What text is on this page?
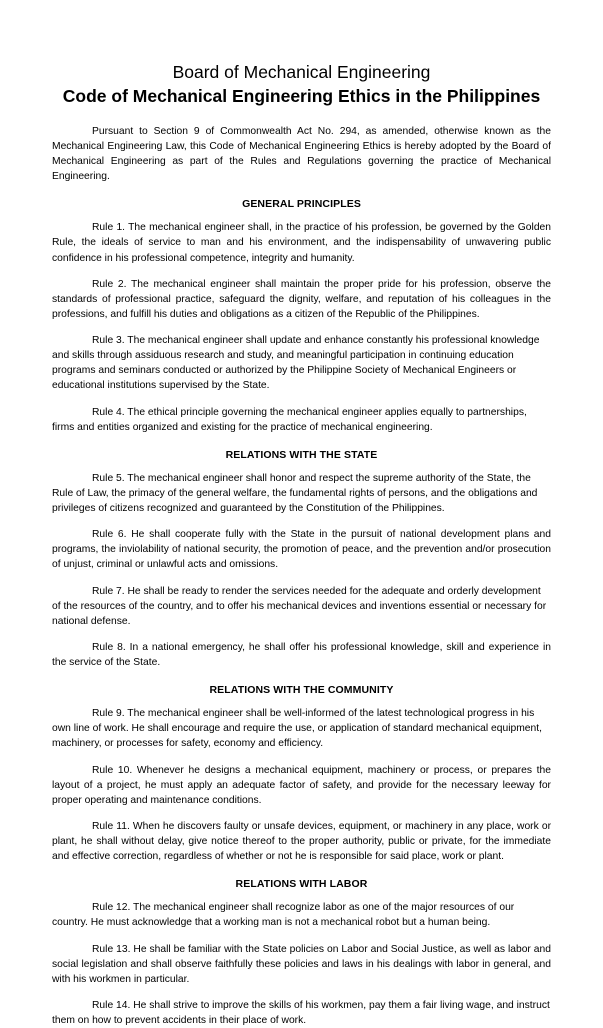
Board of Mechanical Engineering
Code of Mechanical Engineering Ethics in the Philippines

Pursuant to Section 9 of Commonwealth Act No. 294, as amended, otherwise known as the Mechanical Engineering Law, this Code of Mechanical Engineering Ethics is hereby adopted by the Board of Mechanical Engineering as part of the Rules and Regulations governing the practice of Mechanical Engineering.

GENERAL PRINCIPLES

Rule 1. The mechanical engineer shall, in the practice of his profession, be governed by the Golden Rule, the ideals of service to man and his environment, and the indispensability of unwavering public confidence in his professional competence, integrity and humanity.

Rule 2. The mechanical engineer shall maintain the proper pride for his profession, observe the standards of professional practice, safeguard the dignity, welfare, and reputation of his colleagues in the professions, and fulfill his duties and obligations as a citizen of the Republic of the Philippines.

Rule 3. The mechanical engineer shall update and enhance constantly his professional knowledge and skills through assiduous research and study, and meaningful participation in continuing education programs and seminars conducted or authorized by the Philippine Society of Mechanical Engineers or educational institutions supervised by the State.

Rule 4. The ethical principle governing the mechanical engineer applies equally to partnerships, firms and entities organized and existing for the practice of mechanical engineering.

RELATIONS WITH THE STATE

Rule 5. The mechanical engineer shall honor and respect the supreme authority of the State, the Rule of Law, the primacy of the general welfare, the fundamental rights of persons, and the obligations and privileges of citizens recognized and guaranteed by the Constitution of the Philippines.

Rule 6. He shall cooperate fully with the State in the pursuit of national development plans and programs, the inviolability of national security, the promotion of peace, and the prevention and/or prosecution of unjust, criminal or unlawful acts and omissions.

Rule 7. He shall be ready to render the services needed for the adequate and orderly development of the resources of the country, and to offer his mechanical devices and inventions essential or necessary for national defense.

Rule 8. In a national emergency, he shall offer his professional knowledge, skill and experience in the service of the State.

RELATIONS WITH THE COMMUNITY

Rule 9. The mechanical engineer shall be well-informed of the latest technological progress in his own line of work. He shall encourage and require the use, or application of standard mechanical equipment, machinery, or processes for safety, economy and efficiency.

Rule 10. Whenever he designs a mechanical equipment, machinery or process, or prepares the layout of a project, he must apply an adequate factor of safety, and provide for the necessary leeway for proper operating and maintenance conditions.

Rule 11. When he discovers faulty or unsafe devices, equipment, or machinery in any place, work or plant, he shall without delay, give notice thereof to the proper authority, public or private, for the immediate and effective correction, regardless of whether or not he is responsible for said place, work or plant.

RELATIONS WITH LABOR

Rule 12. The mechanical engineer shall recognize labor as one of the major resources of our country. He must acknowledge that a working man is not a mechanical robot but a human being.

Rule 13. He shall be familiar with the State policies on Labor and Social Justice, as well as labor and social legislation and shall observe faithfully these policies and laws in his dealings with labor in general, and with his workmen in particular.

Rule 14. He shall strive to improve the skills of his workmen, pay them a fair living wage, and instruct them on how to prevent accidents in their place of work.
